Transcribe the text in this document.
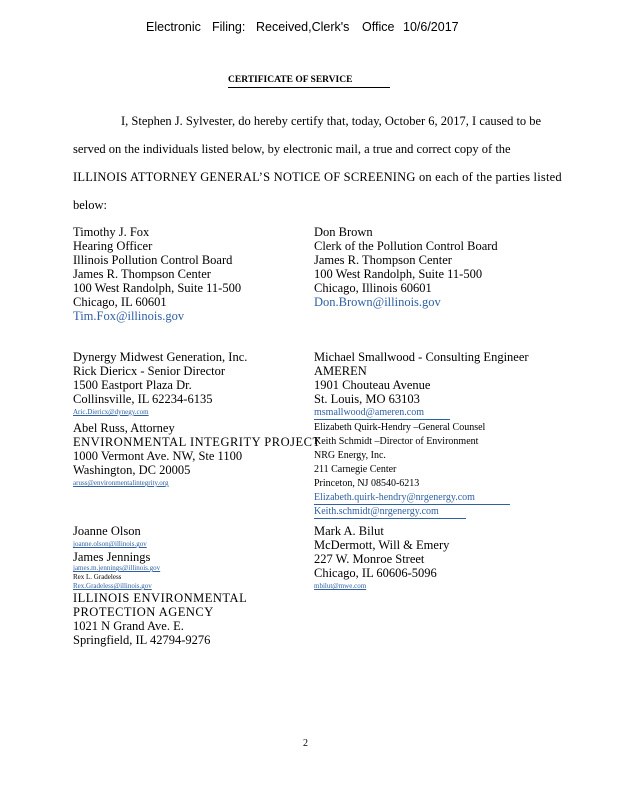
Electronic Filing: Received,Clerk's Office 10/6/2017
CERTIFICATE OF SERVICE
I, Stephen J. Sylvester, do hereby certify that, today, October 6, 2017, I caused to be
served on the individuals listed below, by electronic mail, a true and correct copy of the
ILLINOIS ATTORNEY GENERAL’S NOTICE OF SCREENING on each of the parties listed
below:
Timothy J. Fox
Hearing Officer
Illinois Pollution Control Board
James R. Thompson Center
100 West Randolph, Suite 11-500
Chicago, IL 60601
Tim.Fox@illinois.gov
Dynergy Midwest Generation, Inc.
Rick Diericx - Senior Director
1500 Eastport Plaza Dr.
Collinsville, IL 62234-6135
Aric.Diericx@dynegy.com
Abel Russ, Attorney
ENVIRONMENTAL INTEGRITY PROJECT
1000 Vermont Ave. NW, Ste 1100
Washington, DC 20005
aruss@environmentalintegrity.org
Joanne Olson
joanne.olson@illinois.gov
James Jennings
james.m.jennings@illinois.gov
Rex L. Gradeless
Rex.Gradeless@illinois.gov
ILLINOIS ENVIRONMENTAL
PROTECTION AGENCY
1021 N Grand Ave. E.
Springfield, IL 42794-9276
Don Brown
Clerk of the Pollution Control Board
James R. Thompson Center
100 West Randolph, Suite 11-500
Chicago, Illinois 60601
Don.Brown@illinois.gov
Michael Smallwood - Consulting Engineer
AMEREN
1901 Chouteau Avenue
St. Louis, MO 63103
msmallwood@ameren.com
Elizabeth Quirk-Hendry –General Counsel
Keith Schmidt –Director of Environment
NRG Energy, Inc.
211 Carnegie Center
Princeton, NJ 08540-6213
Elizabeth.quirk-hendry@nrgenergy.com
Keith.schmidt@nrgenergy.com
Mark A. Bilut
McDermott, Will & Emery
227 W. Monroe Street
Chicago, IL 60606-5096
mbilut@mwe.com
2
